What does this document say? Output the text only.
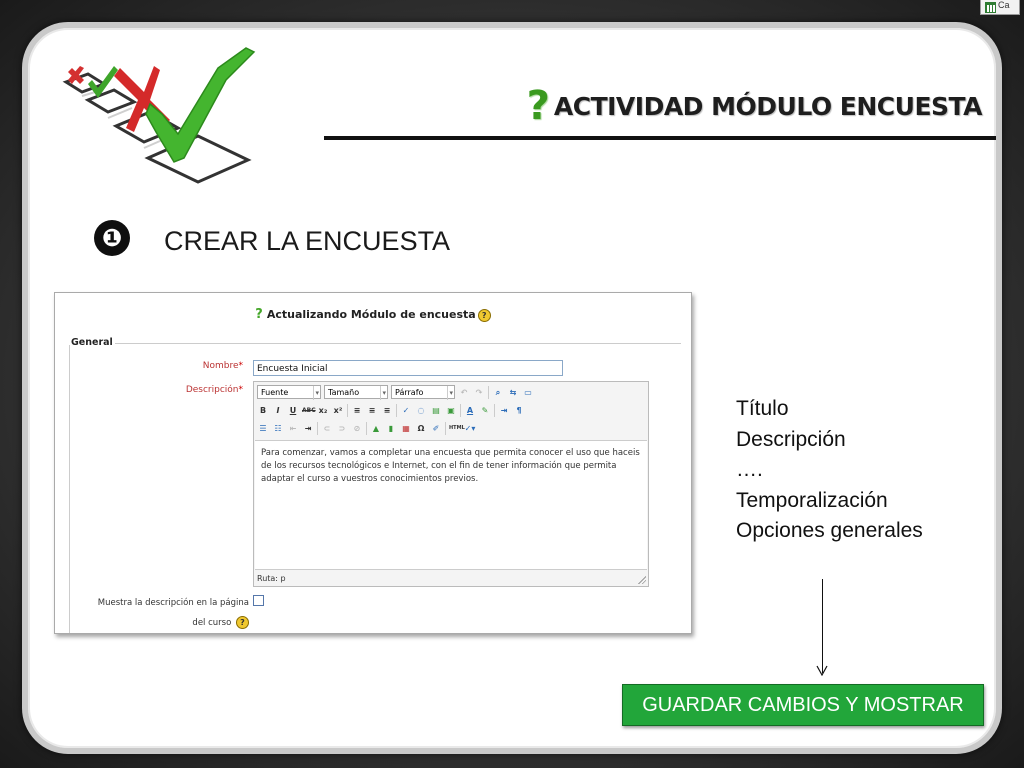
Ca
? ACTIVIDAD MÓDULO ENCUESTA
❶ CREAR LA ENCUESTA
? Actualizando Módulo de encuesta ?
General
Nombre*	Encuesta Inicial
Descripción*	Fuente ▾	Tamaño ▾	Párrafo ▾	↶	↷	⌕	⇆ ▭
B	I	U ABC x₂ x²	≡	≡	≡	✓	◌ ▤ ▣	A	✎	⇥	¶
☰ ☷	⇤	⇥	⊂	⊃	⊘	▲	▮	▦ Ω	✐	HTML ✓▾
Para comenzar, vamos a completar una encuesta que permita conocer el uso que haceis de los recursos tecnológicos e Internet, con el fin de tener información que permita adaptar el curso a vuestros conocimientos previos.
Ruta: p
Muestra la descripción en la página
del curso ?
Título
Descripción
….
Temporalización
Opciones generales
GUARDAR CAMBIOS Y MOSTRAR
